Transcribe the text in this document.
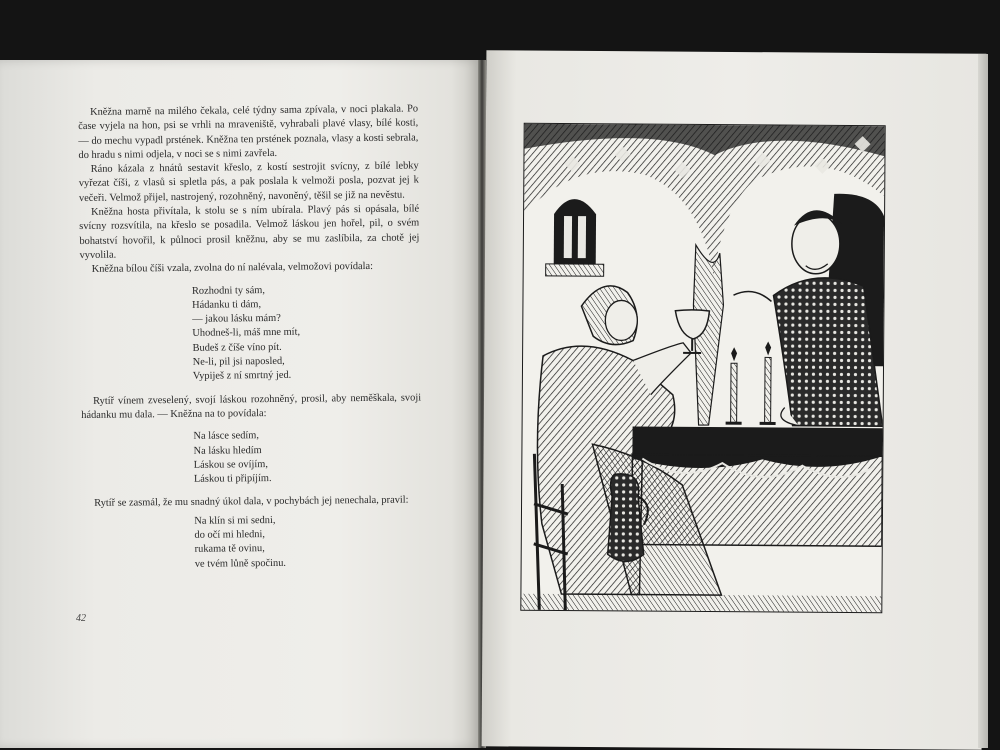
Kněžna marně na milého čekala, celé týdny sama zpívala, v noci plakala. Po čase vyjela na hon, psi se vrhli na mraveniště, vyhrabali plavé vlasy, bílé kosti, — do mechu vypadl prstének. Kněžna ten prstének poznala, vlasy a kosti sebrala, do hradu s nimi odjela, v noci se s nimi zavřela.

Ráno kázala z hnátů sestavit křeslo, z kostí sestrojit svícny, z bílé lebky vyřezat číši, z vlasů si spletla pás, a pak poslala k velmoži posla, pozvat jej k večeři. Velmož přijel, nastrojený, rozohněný, navoněný, těšil se již na nevěstu.

Kněžna hosta přivítala, k stolu se s ním ubírala. Plavý pás si opásala, bílé svícny rozsvítila, na křeslo se posadila. Velmož láskou jen hořel, pil, o svém bohatství hovořil, k půlnoci prosil kněžnu, aby se mu zaslíbila, za chotě jej vyvolila.

Kněžna bílou číši vzala, zvolna do ní nalévala, velmožovi povídala:

Rozhodni ty sám,
Hádanku ti dám,
— jakou lásku mám?
Uhodneš-li, máš mne mít,
Budeš z číše víno pít.
Ne-li, pil jsi naposled,
Vypiješ z ní smrtný jed.

Rytíř vínem zveselený, svojí láskou rozohněný, prosil, aby neměškala, svoji hádanku mu dala. — Kněžna na to povídala:

Na lásce sedím,
Na lásku hledím
Láskou se ovíjím,
Láskou ti připíjím.

Rytíř se zasmál, že mu snadný úkol dala, v pochybách jej nenechala, pravil:

Na klín si mi sedni,
do očí mi hledni,
rukama tě ovinu,
ve tvém lůně spočinu.
42
